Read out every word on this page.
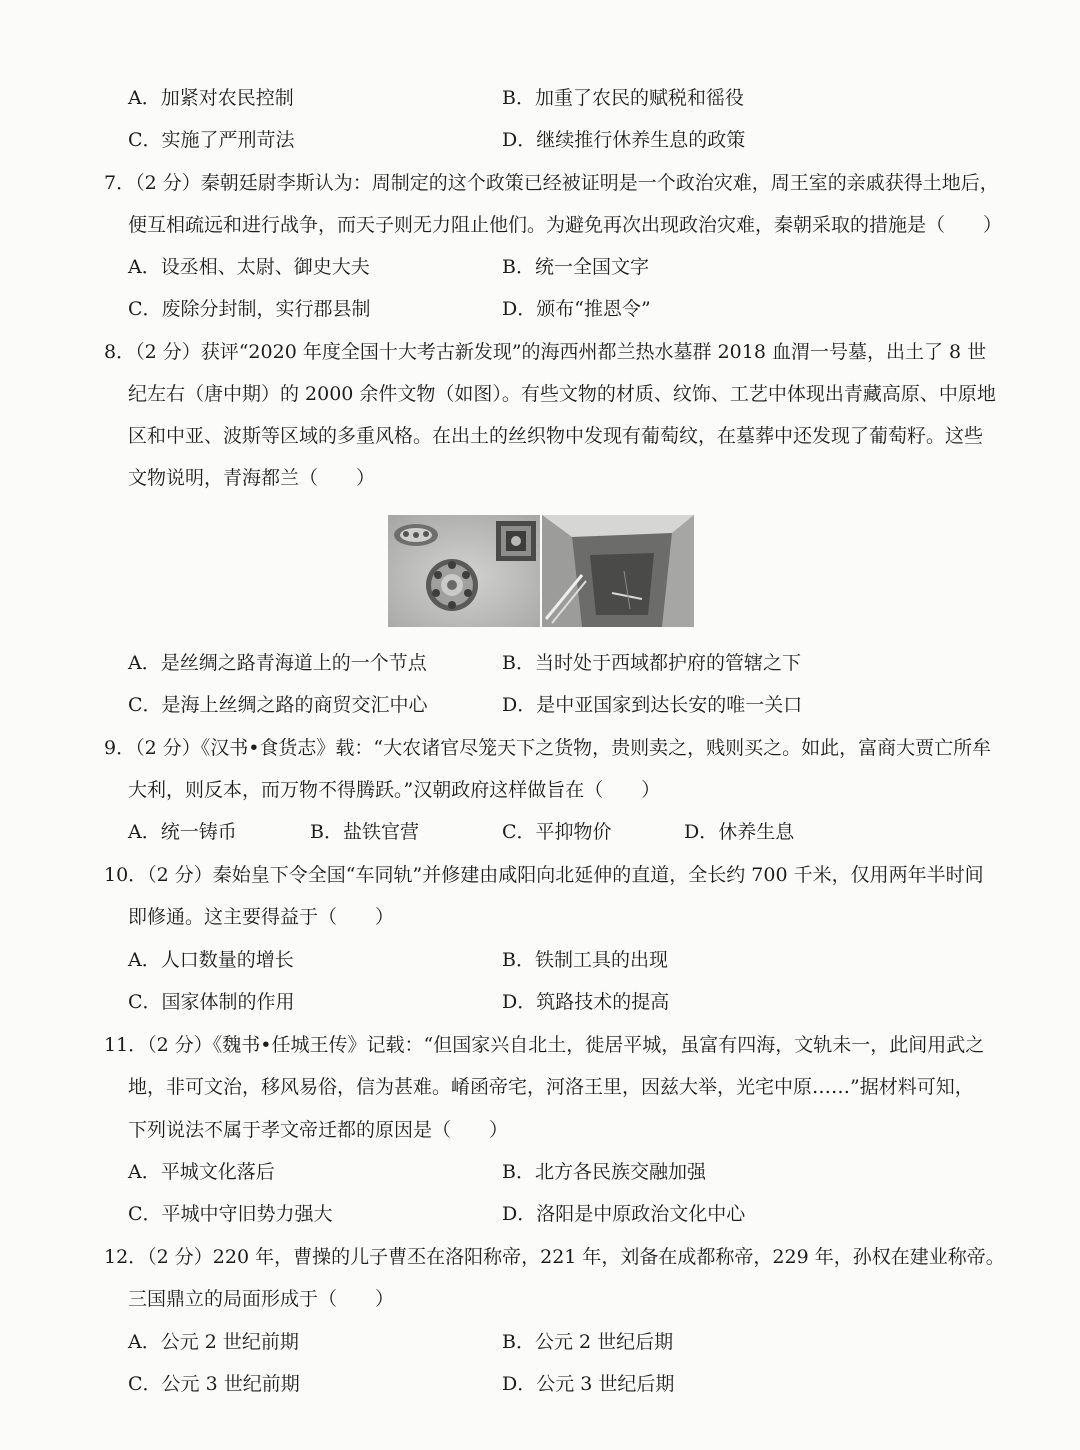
A．加紧对农民控制	B．加重了农民的赋税和徭役
C．实施了严刑苛法	D．继续推行休养生息的政策
7．（2 分）秦朝廷尉李斯认为：周制定的这个政策已经被证明是一个政治灾难，周王室的亲戚获得土地后，
便互相疏远和进行战争，而天子则无力阻止他们。为避免再次出现政治灾难，秦朝采取的措施是（　　）
A．设丞相、太尉、御史大夫	B．统一全国文字
C．废除分封制，实行郡县制	D．颁布“推恩令”
8．（2 分）获评“2020 年度全国十大考古新发现”的海西州都兰热水墓群 2018 血渭一号墓，出土了 8 世
纪左右（唐中期）的 2000 余件文物（如图）。有些文物的材质、纹饰、工艺中体现出青藏高原、中原地
区和中亚、波斯等区域的多重风格。在出土的丝织物中发现有葡萄纹，在墓葬中还发现了葡萄籽。这些
文物说明，青海都兰（　　）
A．是丝绸之路青海道上的一个节点	B．当时处于西域都护府的管辖之下
C．是海上丝绸之路的商贸交汇中心	D．是中亚国家到达长安的唯一关口
9．（2 分）《汉书•食货志》载：“大农诸官尽笼天下之货物，贵则卖之，贱则买之。如此，富商大贾亡所牟
大利，则反本，而万物不得腾跃。”汉朝政府这样做旨在（　　）
A．统一铸币	B．盐铁官营	C．平抑物价	D．休养生息
10．（2 分）秦始皇下令全国“车同轨”并修建由咸阳向北延伸的直道，全长约 700 千米，仅用两年半时间
即修通。这主要得益于（　　）
A．人口数量的增长	B．铁制工具的出现
C．国家体制的作用	D．筑路技术的提高
11．（2 分）《魏书•任城王传》记载：“但国家兴自北土，徙居平城，虽富有四海，文轨未一，此间用武之
地，非可文治，移风易俗，信为甚难。崤函帝宅，河洛王里，因兹大举，光宅中原……”据材料可知，
下列说法不属于孝文帝迁都的原因是（　　）
A．平城文化落后	B．北方各民族交融加强
C．平城中守旧势力强大	D．洛阳是中原政治文化中心
12．（2 分）220 年，曹操的儿子曹丕在洛阳称帝，221 年，刘备在成都称帝，229 年，孙权在建业称帝。
三国鼎立的局面形成于（　　）
A．公元 2 世纪前期	B．公元 2 世纪后期
C．公元 3 世纪前期	D．公元 3 世纪后期
